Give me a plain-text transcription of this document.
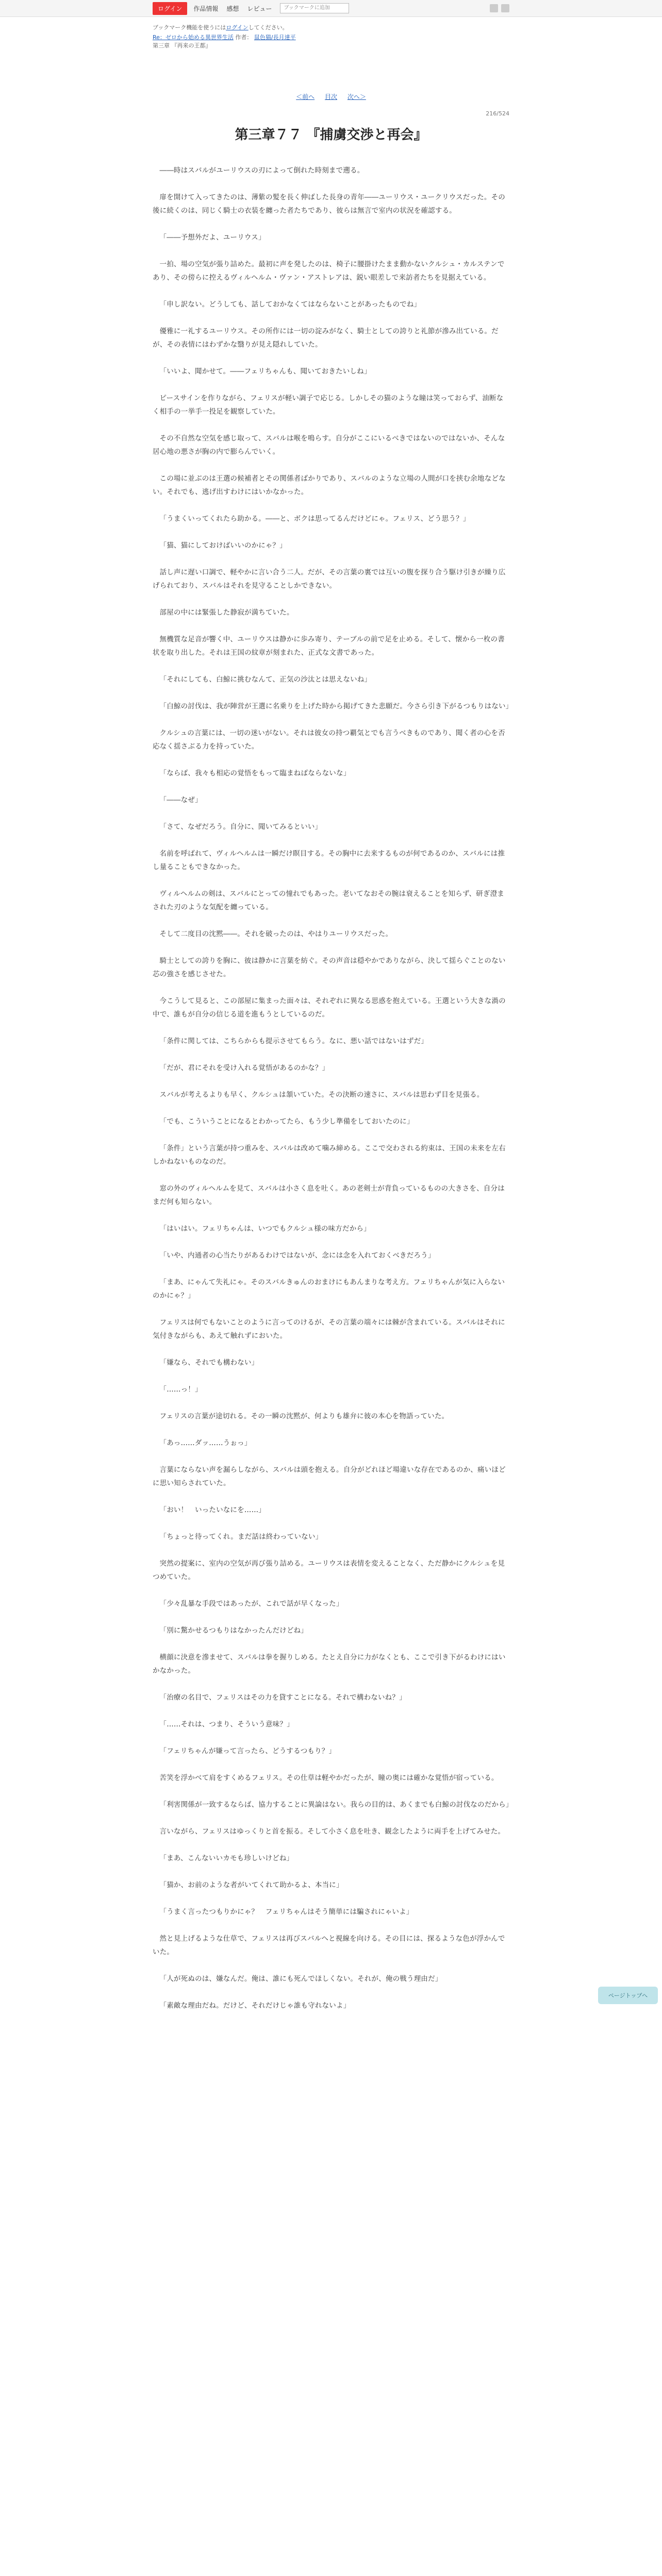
ログイン	作品情報 感想 レビュー	ブックマークに追加
ブックマーク機能を使うにはログインしてください。
Re：ゼロから始める異世界生活 作者： 鼠色猫/長月達平
第三章 『再来の王都』
＜前へ 目次 次へ＞
216/524
第三章７７ 『捕虜交渉と再会』

――時はスバルがユーリウスの刃によって倒れた時刻まで遡る。

扉を開けて入ってきたのは、薄紫の髪を長く伸ばした長身の青年――ユーリウス・ユークリウスだった。その後に続くのは、同じく騎士の衣装を纏った者たちであり、彼らは無言で室内の状況を確認する。

「――予想外だよ、ユーリウス」

一拍、場の空気が張り詰めた。最初に声を発したのは、椅子に腰掛けたまま動かないクルシュ・カルステンであり、その傍らに控えるヴィルヘルム・ヴァン・アストレアは、鋭い眼差しで来訪者たちを見据えている。

「申し訳ない。どうしても、話しておかなくてはならないことがあったものでね」

優雅に一礼するユーリウス。その所作には一切の淀みがなく、騎士としての誇りと礼節が滲み出ている。だが、その表情にはわずかな翳りが見え隠れしていた。

「いいよ、聞かせて。――フェリちゃんも、聞いておきたいしね」

ピースサインを作りながら、フェリスが軽い調子で応じる。しかしその猫のような瞳は笑っておらず、油断なく相手の一挙手一投足を観察していた。

その不自然な空気を感じ取って、スバルは喉を鳴らす。自分がここにいるべきではないのではないか、そんな居心地の悪さが胸の内で膨らんでいく。

この場に並ぶのは王選の候補者とその関係者ばかりであり、スバルのような立場の人間が口を挟む余地などない。それでも、逃げ出すわけにはいかなかった。

「うまくいってくれたら助かる。――と、ボクは思ってるんだけどにゃ。フェリス、どう思う？」

「猫、猫にしておけばいいのかにゃ？」

話し声に遅い口調で、軽やかに言い合う二人。だが、その言葉の裏では互いの腹を探り合う駆け引きが繰り広げられており、スバルはそれを見守ることしかできない。

部屋の中には緊張した静寂が満ちていた。

無機質な足音が響く中、ユーリウスは静かに歩み寄り、テーブルの前で足を止める。そして、懐から一枚の書状を取り出した。それは王国の紋章が刻まれた、正式な文書であった。

「それにしても、白鯨に挑むなんて、正気の沙汰とは思えないね」

「白鯨の討伐は、我が陣営が王選に名乗りを上げた時から掲げてきた悲願だ。今さら引き下がるつもりはない」

クルシュの言葉には、一切の迷いがない。それは彼女の持つ覇気とでも言うべきものであり、聞く者の心を否応なく揺さぶる力を持っていた。

「ならば、我々も相応の覚悟をもって臨まねばならないな」

「――なぜ」

「さて、なぜだろう。自分に、聞いてみるといい」

名前を呼ばれて、ヴィルヘルムは一瞬だけ瞑目する。その胸中に去来するものが何であるのか、スバルには推し量ることもできなかった。

ヴィルヘルムの剣は、スバルにとっての憧れでもあった。老いてなおその腕は衰えることを知らず、研ぎ澄まされた刃のような気配を纏っている。

そして二度目の沈黙――。それを破ったのは、やはりユーリウスだった。

騎士としての誇りを胸に、彼は静かに言葉を紡ぐ。その声音は穏やかでありながら、決して揺らぐことのない芯の強さを感じさせた。

今こうして見ると、この部屋に集まった面々は、それぞれに異なる思惑を抱えている。王選という大きな渦の中で、誰もが自分の信じる道を進もうとしているのだ。

「条件に関しては、こちらからも提示させてもらう。なに、悪い話ではないはずだ」

「だが、君にそれを受け入れる覚悟があるのかな？」

スバルが考えるよりも早く、クルシュは頷いていた。その決断の速さに、スバルは思わず目を見張る。

「でも、こういうことになるとわかってたら、もう少し準備をしておいたのに」

「条件」という言葉が持つ重みを、スバルは改めて噛み締める。ここで交わされる約束は、王国の未来を左右しかねないものなのだ。

窓の外のヴィルヘルムを見て、スバルは小さく息を吐く。あの老剣士が背負っているものの大きさを、自分はまだ何も知らない。

「はいはい。フェリちゃんは、いつでもクルシュ様の味方だから」

「いや、内通者の心当たりがあるわけではないが、念には念を入れておくべきだろう」

「まあ、にゃんて失礼にゃ。そのスバルきゅんのおまけにもあんまりな考え方。フェリちゃんが気に入らないのかにゃ？」

フェリスは何でもないことのように言ってのけるが、その言葉の端々には棘が含まれている。スバルはそれに気付きながらも、あえて触れずにおいた。

「嫌なら、それでも構わない」

「……っ！」

フェリスの言葉が途切れる。その一瞬の沈黙が、何よりも雄弁に彼の本心を物語っていた。

「あっ……ダッ……うぉっ」

言葉にならない声を漏らしながら、スバルは頭を抱える。自分がどれほど場違いな存在であるのか、痛いほどに思い知らされていた。

「おい！　いったいなにを……」

「ちょっと待ってくれ。まだ話は終わっていない」

突然の提案に、室内の空気が再び張り詰める。ユーリウスは表情を変えることなく、ただ静かにクルシュを見つめていた。

「少々乱暴な手段ではあったが、これで話が早くなった」

「別に驚かせるつもりはなかったんだけどね」

横顔に決意を滲ませて、スバルは拳を握りしめる。たとえ自分に力がなくとも、ここで引き下がるわけにはいかなかった。

「治療の名目で、フェリスはその力を貸すことになる。それで構わないね？」

「……それは、つまり、そういう意味？」

「フェリちゃんが嫌って言ったら、どうするつもり？」

苦笑を浮かべて肩をすくめるフェリス。その仕草は軽やかだったが、瞳の奥には確かな覚悟が宿っている。

「利害関係が一致するならば、協力することに異論はない。我らの目的は、あくまでも白鯨の討伐なのだから」

言いながら、フェリスはゆっくりと首を振る。そして小さく息を吐き、観念したように両手を上げてみせた。

「まあ、こんないいカモも珍しいけどね」

「猫か、お前のような者がいてくれて助かるよ、本当に」

「うまく言ったつもりかにゃ？　フェリちゃんはそう簡単には騙されにゃいよ」

然と見上げるような仕草で、フェリスは再びスバルへと視線を向ける。その目には、探るような色が浮かんでいた。

「人が死ぬのは、嫌なんだ。俺は、誰にも死んでほしくない。それが、俺の戦う理由だ」

「素敵な理由だね。だけど、それだけじゃ誰も守れないよ」

ページトップへ
